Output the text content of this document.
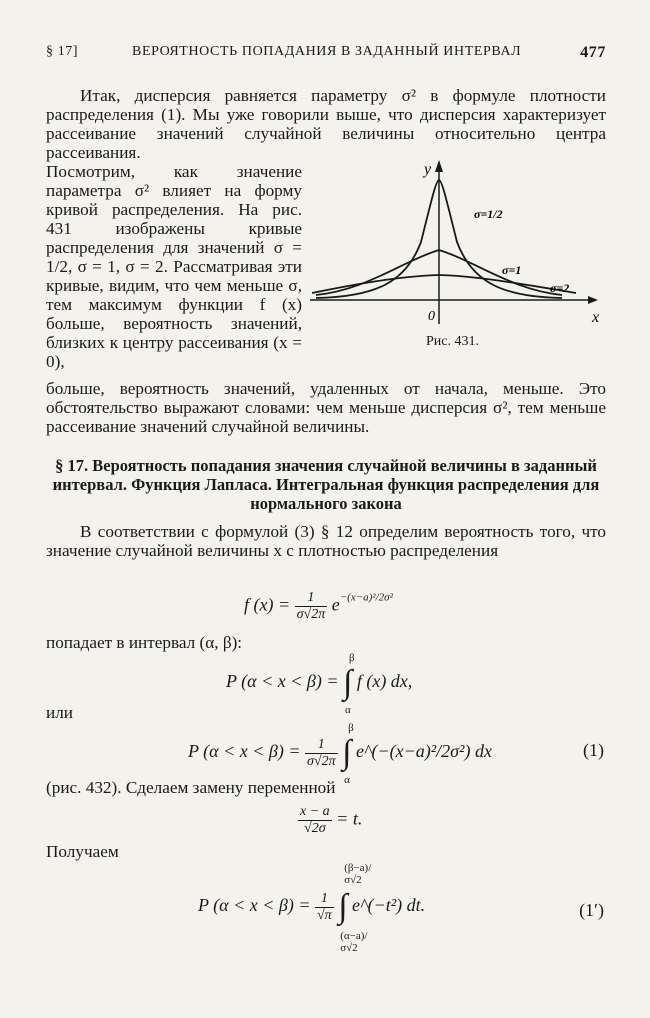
§ 17]	ВЕРОЯТНОСТЬ ПОПАДАНИЯ В ЗАДАННЫЙ ИНТЕРВАЛ	477
Итак, дисперсия равняется параметру σ² в формуле плотности распределения (1). Мы уже говорили выше, что дисперсия характеризует рассеивание значений случайной величины относительно центра рассеивания.
Посмотрим, как значение параметра σ² влияет на форму кривой распределения. На рис. 431 изображены кривые распределения для значений σ = 1/2, σ = 1, σ = 2. Рассматривая эти кривые, видим, что чем меньше σ, тем максимум функции f (x) больше, вероятность значений, близких к центру рассеивания (x = 0),
y
x
0
σ=1/2
σ=1
σ=2
Рис. 431.
больше, вероятность значений, удаленных от начала, меньше. Это обстоятельство выражают словами: чем меньше дисперсия σ², тем меньше рассеивание значений случайной величины.
§ 17. Вероятность попадания значения случайной величины в заданный интервал. Функция Лапласа. Интегральная функция распределения для нормального закона
В соответствии с формулой (3) § 12 определим вероятность того, что значение случайной величины x с плотностью распределения
f $(x) = \frac{1}{\sigma√2\pi} e^{-(x-a)^2/2\sigma^2}$
попадает в интервал (α, β):
P (α < x < β) = ∫
β
α
f (x) dx,
или
P $(\alpha < x < \beta) = \frac{1}{\sigma√2\pi}$ ∫
β
α
e^(−(x−a)²/2σ²) dx	(1)
(рис. 432). Сделаем замену переменной
$\frac{x - a}{√2\sigma} = t$.
Получаем
P $(\alpha < x < \beta) = \frac{1}{√\pi}$ ∫
(β−a)/σ√2
(α−a)/σ√2
e^(−t²) dt.	(1′)
